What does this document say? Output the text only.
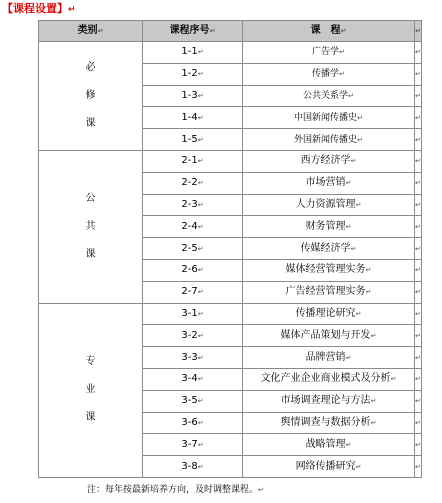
【课程设置】↵
类别↵	课程序号↵	课　程↵	↵

必
修
课	1-1↵	广告学↵	↵
	1-2↵	传播学↵	↵
	1-3↵	公共关系学↵	↵
	1-4↵	中国新闻传播史↵	↵
	1-5↵	外国新闻传播史↵	↵

公
共
课	2-1↵	西方经济学↵	↵
	2-2↵	市场营销↵	↵
	2-3↵	人力资源管理↵	↵
	2-4↵	财务管理↵	↵
	2-5↵	传媒经济学↵	↵
	2-6↵	媒体经营管理实务↵	↵
	2-7↵	广告经营管理实务↵	↵

专
业
课	3-1↵	传播理论研究↵	↵
	3-2↵	媒体产品策划与开发↵	↵
	3-3↵	品牌营销↵	↵
	3-4↵	文化产业企业商业模式及分析↵	↵
	3-5↵	市场调查理论与方法↵	↵
	3-6↵	舆情调查与数据分析↵	↵
	3-7↵	战略管理↵	↵
	3-8↵	网络传播研究↵	↵
注：每年按最新培养方向，及时调整课程。↵
